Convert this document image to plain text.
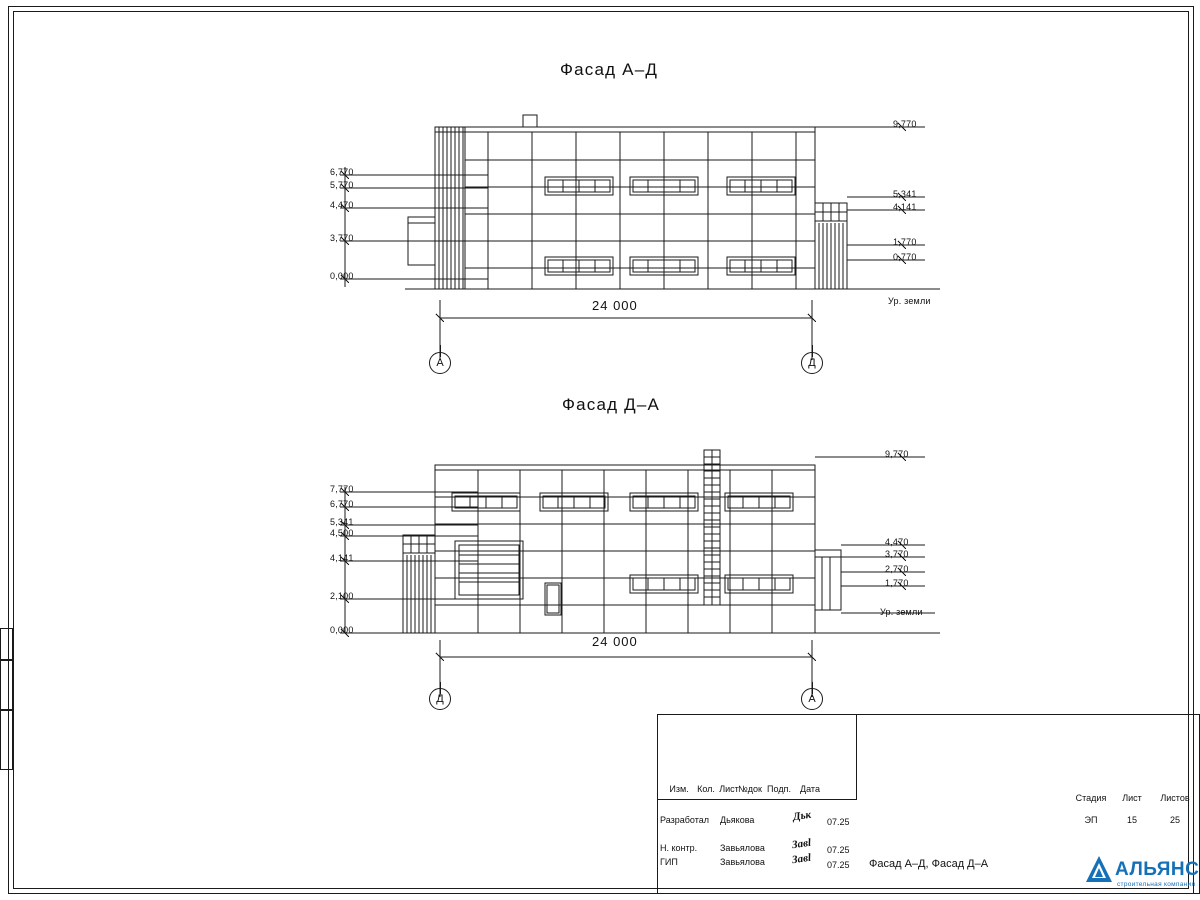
Фасад А–Д
6,770
5,770
4,470
3,770
0,000
9,770
5,341
4,141
1,770
0,770
Ур. земли
24 000
А	Д
Фасад Д–А
7,770
6,770
5,341
4,500
4,141
2,100
0,000
9,770
4,470
3,770
2,770
1,770
Ур. земли
24 000
Д	А
Изм. Кол. Лист №док Подп.	Дата
Разработал Дьякова	Дьк 07.25
Н. контр.	Завьялова Завl 07.25
ГИП	Завьялова Завl 07.25 Фасад А–Д, Фасад Д–А
Стадия	Лист	Листов
ЭП	15	25
АЛЬЯНС
строительная компания
